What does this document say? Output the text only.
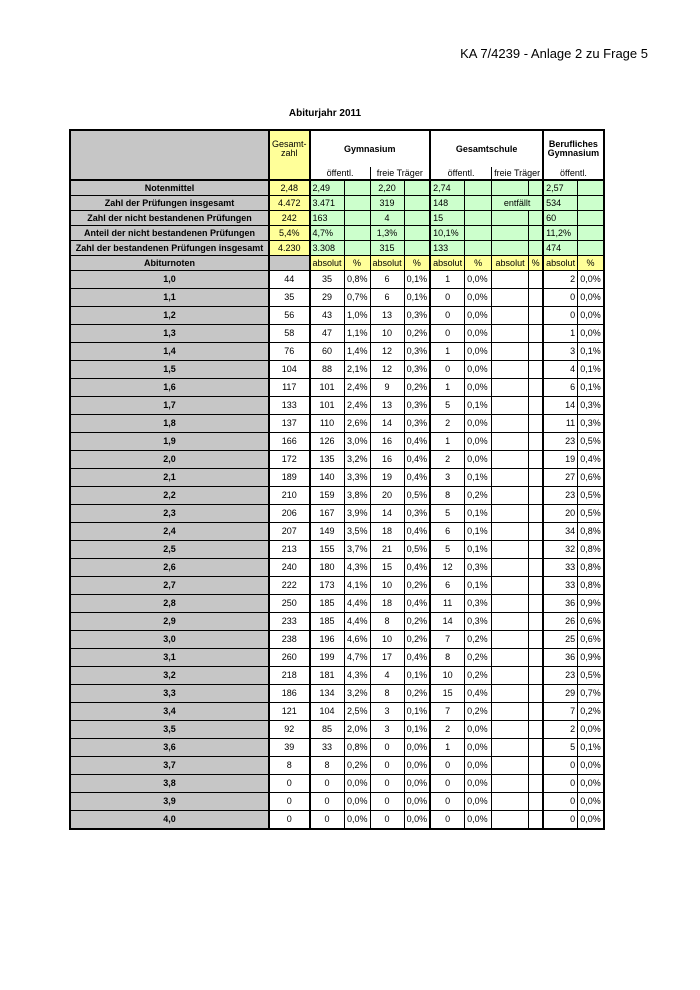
KA 7/4239 - Anlage 2 zu Frage 5
Abiturjahr 2011
	Gesamt-zahl	Gymnasium				Gesamtschule				Berufliches Gymnasium	
		öffentl.		freie Träger		öffentl.		freie Träger		öffentl.	
Notenmittel	2,48	2,49		2,20		2,74				2,57	
Zahl der Prüfungen insgesamt	4.472	3.471		319		148		entfällt		534	
Zahl der nicht bestandenen Prüfungen	242	163		4		15				60	
Anteil der nicht bestandenen Prüfungen	5,4%	4,7%		1,3%		10,1%				11,2%	
Zahl der bestandenen Prüfungen insgesamt	4.230	3.308		315		133				474	
Abiturnoten		absolut	%	absolut	%	absolut	%	absolut	%	absolut	%
1,0	44	35	0,8%	6	0,1%	1	0,0%			2	0,0%
1,1	35	29	0,7%	6	0,1%	0	0,0%			0	0,0%
1,2	56	43	1,0%	13	0,3%	0	0,0%			0	0,0%
1,3	58	47	1,1%	10	0,2%	0	0,0%			1	0,0%
1,4	76	60	1,4%	12	0,3%	1	0,0%			3	0,1%
1,5	104	88	2,1%	12	0,3%	0	0,0%			4	0,1%
1,6	117	101	2,4%	9	0,2%	1	0,0%			6	0,1%
1,7	133	101	2,4%	13	0,3%	5	0,1%			14	0,3%
1,8	137	110	2,6%	14	0,3%	2	0,0%			11	0,3%
1,9	166	126	3,0%	16	0,4%	1	0,0%			23	0,5%
2,0	172	135	3,2%	16	0,4%	2	0,0%			19	0,4%
2,1	189	140	3,3%	19	0,4%	3	0,1%			27	0,6%
2,2	210	159	3,8%	20	0,5%	8	0,2%			23	0,5%
2,3	206	167	3,9%	14	0,3%	5	0,1%			20	0,5%
2,4	207	149	3,5%	18	0,4%	6	0,1%			34	0,8%
2,5	213	155	3,7%	21	0,5%	5	0,1%			32	0,8%
2,6	240	180	4,3%	15	0,4%	12	0,3%			33	0,8%
2,7	222	173	4,1%	10	0,2%	6	0,1%			33	0,8%
2,8	250	185	4,4%	18	0,4%	11	0,3%			36	0,9%
2,9	233	185	4,4%	8	0,2%	14	0,3%			26	0,6%
3,0	238	196	4,6%	10	0,2%	7	0,2%			25	0,6%
3,1	260	199	4,7%	17	0,4%	8	0,2%			36	0,9%
3,2	218	181	4,3%	4	0,1%	10	0,2%			23	0,5%
3,3	186	134	3,2%	8	0,2%	15	0,4%			29	0,7%
3,4	121	104	2,5%	3	0,1%	7	0,2%			7	0,2%
3,5	92	85	2,0%	3	0,1%	2	0,0%			2	0,0%
3,6	39	33	0,8%	0	0,0%	1	0,0%			5	0,1%
3,7	8	8	0,2%	0	0,0%	0	0,0%			0	0,0%
3,8	0	0	0,0%	0	0,0%	0	0,0%			0	0,0%
3,9	0	0	0,0%	0	0,0%	0	0,0%			0	0,0%
4,0	0	0	0,0%	0	0,0%	0	0,0%			0	0,0%
